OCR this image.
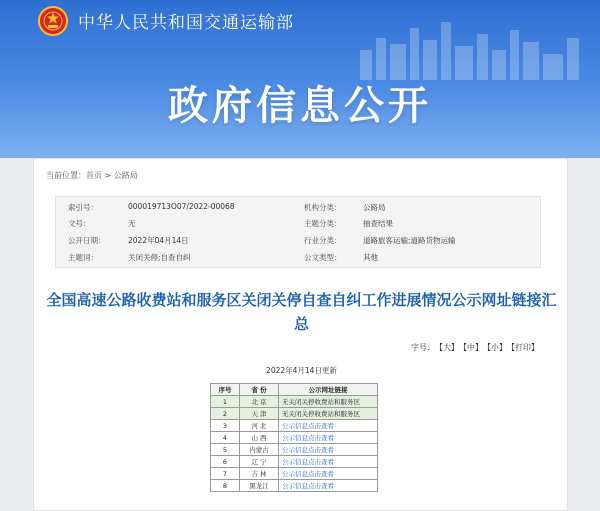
中华人民共和国交通运输部
政府信息公开
当前位置：首页 > 公路局
索引号：	000019713O07/2022-00068	机构分类：	公路局
文号：	无	主题分类：	抽查结果
公开日期：	2022年04月14日	行业分类：	道路旅客运输;道路货物运输
主题词：	关闭关停;自查自纠	公文类型：	其他
全国高速公路收费站和服务区关闭关停自查自纠工作进展情况公示网址链接汇总
字号： 【大】 【中】 【小】 【打印】
2022年4月14日更新
序号	省 份	公示网址链接
1	北 京	无关闭关停收费站和服务区
2	天 津	无关闭关停收费站和服务区
3	河 北	公示信息点击查看
4	山 西	公示信息点击查看
5	内蒙古	公示信息点击查看
6	辽 宁	公示信息点击查看
7	吉 林	公示信息点击查看
8	黑龙江	公示信息点击查看
